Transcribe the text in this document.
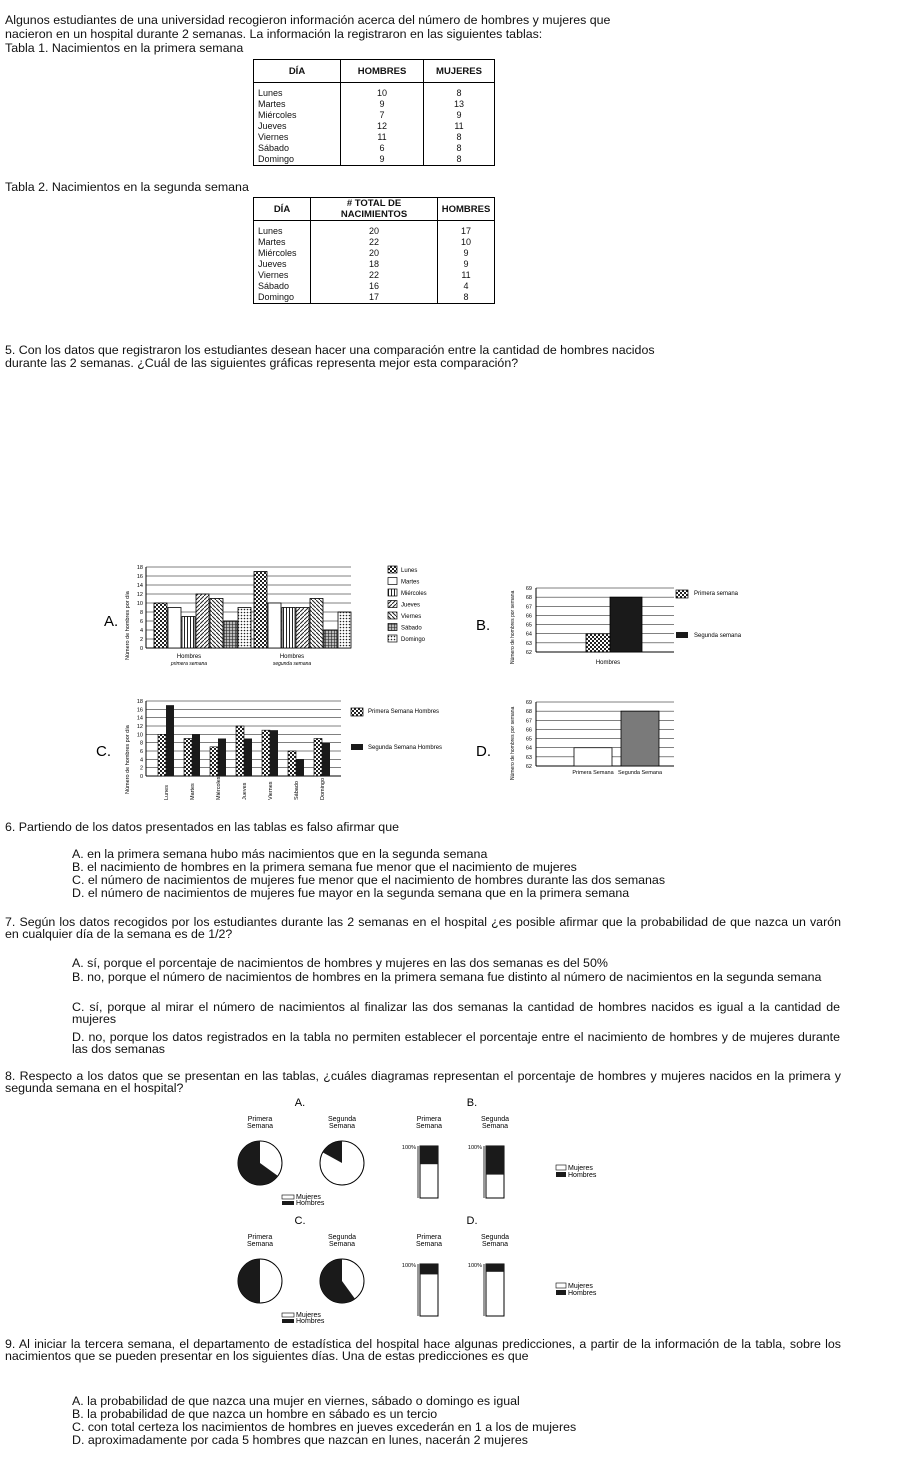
Algunos estudiantes de una universidad recogieron información acerca del número de hombres y mujeres que
nacieron en un hospital durante 2 semanas. La información la registraron en las siguientes tablas:
Tabla 1. Nacimientos en la primera semana
DÍA	HOMBRES	MUJERES
Lunes	10	8
Martes	9	13
Miércoles	7	9
Jueves	12	11
Viernes	11	8
Sábado	6	8
Domingo	9	8
Tabla 2. Nacimientos en la segunda semana
DÍA	# TOTAL DE NACIMIENTOS	HOMBRES
Lunes	20	17
Martes	22	10
Miércoles	20	9
Jueves	18	9
Viernes	22	11
Sábado	16	4
Domingo	17	8
5. Con los datos que registraron los estudiantes desean hacer una comparación entre la cantidad de hombres nacidos
durante las 2 semanas. ¿Cuál de las siguientes gráficas representa mejor esta comparación?
A. Número de hombres por día
18
16
14
12
10
8
6
4
2
0
Hombres
primera semana
Hombres
segunda semana
Lunes
Martes
Miércoles
Jueves
Viernes
Sábado
Domingo
B.	Número de hombres por semana
69
68
67
66
65
64
63
62
Primera semana
Segunda semana
Hombres
C.	Número de hombres por día
18
16
14
12
10
8
6
4
2
0
Lunes	Martes	Miércoles	Jueves	Viernes	Sábado	Domingo
Primera Semana Hombres
Segunda Semana Hombres D.	Número de hombres por semana
69
68
67
66
65
64
63
62
Primera Semana Segunda Semana
6. Partiendo de los datos presentados en las tablas es falso afirmar que
A. en la primera semana hubo más nacimientos que en la segunda semana
B. el nacimiento de hombres en la primera semana fue menor que el nacimiento de mujeres
C. el número de nacimientos de mujeres fue menor que el nacimiento de hombres durante las dos semanas
D. el número de nacimientos de mujeres fue mayor en la segunda semana que en la primera semana
7. Según los datos recogidos por los estudiantes durante las 2 semanas en el hospital ¿es posible afirmar que la probabilidad de que nazca un varón en cualquier día de la semana es de 1/2?
A. sí, porque el porcentaje de nacimientos de hombres y mujeres en las dos semanas es del 50%
B. no, porque el número de nacimientos de hombres en la primera semana fue distinto al número de nacimientos en la segunda semana
C. sí, porque al mirar el número de nacimientos al finalizar las dos semanas la cantidad de hombres nacidos es igual a la cantidad de mujeres
D. no, porque los datos registrados en la tabla no permiten establecer el porcentaje entre el nacimiento de hombres y de mujeres durante las dos semanas
8. Respecto a los datos que se presentan en las tablas, ¿cuáles diagramas representan el porcentaje de hombres y mujeres nacidos en la primera y segunda semana en el hospital?
A.
Primera
Semana
Segunda
Semana
Mujeres
Hombres
B.
Primera
Semana
100%
Segunda
Semana
100%
Mujeres
Hombres
C.
Primera
Semana
Segunda
Semana
Mujeres
Hombres
D.
Primera
Semana
100%
Segunda
Semana
100%
Mujeres
Hombres
9. Al iniciar la tercera semana, el departamento de estadística del hospital hace algunas predicciones, a partir de la información de la tabla, sobre los nacimientos que se pueden presentar en los siguientes días. Una de estas predicciones es que
A. la probabilidad de que nazca una mujer en viernes, sábado o domingo es igual
B. la probabilidad de que nazca un hombre en sábado es un tercio
C. con total certeza los nacimientos de hombres en jueves excederán en 1 a los de mujeres
D. aproximadamente por cada 5 hombres que nazcan en lunes, nacerán 2 mujeres
